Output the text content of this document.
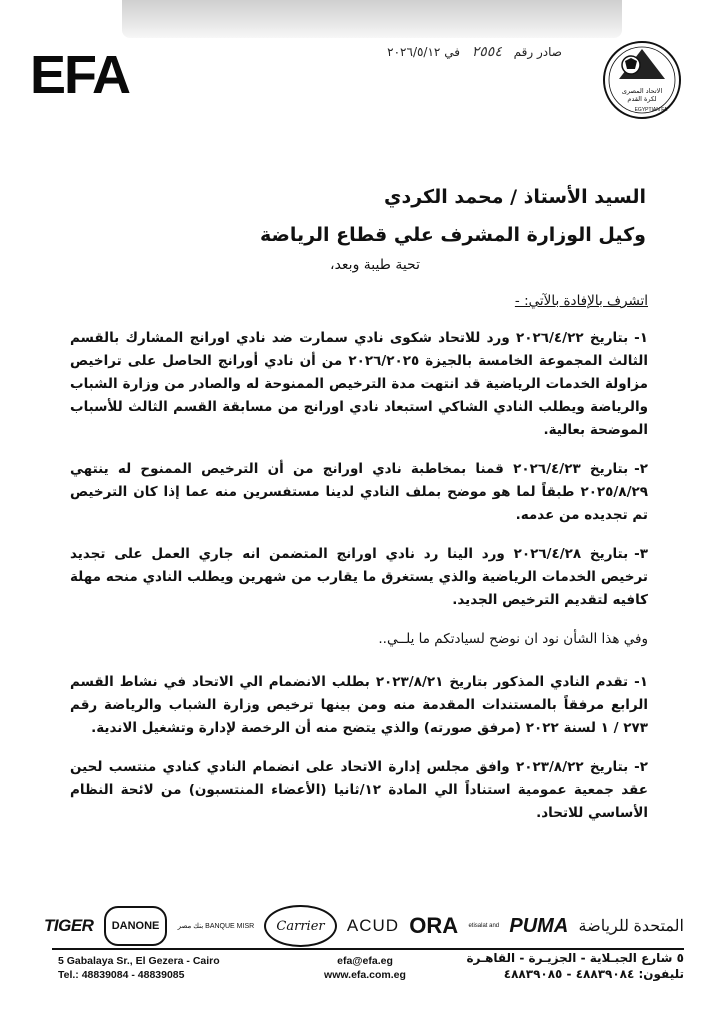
EFA	صادر رقم ٢٥٥٤ في ٢٠٢٦/٥/١٢
الاتحاد المصرى
لكرة القدم
EGYPTIAN FA
السيد الأستاذ / محمد الكردي
وكيل الوزارة المشرف علي قطاع الرياضة
تحية طيبة وبعد،
اتشرف بالإفادة بالآتي: -
١-بتاريخ ٢٠٢٦/٤/٢٢ ورد للاتحاد شكوى نادي سمارت ضد نادي اورانج المشارك بالقسم الثالث المجموعة الخامسة بالجيزة ٢٠٢٦/٢٠٢٥ من أن نادي أورانج الحاصل على تراخيص مزاولة الخدمات الرياضية قد انتهت مدة الترخيص الممنوحة له والصادر من وزارة الشباب والرياضة ويطلب النادي الشاكي استبعاد نادي اورانج من مسابقة القسم الثالث للأسباب الموضحة بعالية.
٢-بتاريخ ٢٠٢٦/٤/٢٣ قمنا بمخاطبة نادي اورانج من أن الترخيص الممنوح له ينتهي ٢٠٢٥/٨/٢٩ طبقاً لما هو موضح بملف النادي لدينا مستفسرين منه عما إذا كان الترخيص تم تجديده من عدمه.
٣-بتاريخ ٢٠٢٦/٤/٢٨ ورد الينا رد نادي اورانج المتضمن انه جاري العمل على تجديد ترخيص الخدمات الرياضية والذي يستغرق ما يقارب من شهرين ويطلب النادي منحه مهلة كافيه لتقديم الترخيص الجديد.
وفي هذا الشأن نود ان نوضح لسيادتكم ما يلــي..
١-تقدم النادي المذكور بتاريخ ٢٠٢٣/٨/٢١ بطلب الانضمام الي الاتحاد في نشاط القسم الرابع مرفقاً بالمستندات المقدمة منه ومن بينها ترخيص وزارة الشباب والرياضة رقم ٢٧٣ / ١ لسنة ٢٠٢٢ (مرفق صورته) والذي يتضح منه أن الرخصة لإدارة وتشغيل الاندية.
٢-بتاريخ ٢٠٢٣/٨/٢٢ وافق مجلس إدارة الاتحاد على انضمام النادي كنادي منتسب لحين عقد جمعية عمومية استناداً الي المادة ١٢/ثانيا (الأعضاء المنتسبون) من لائحة النظام الأساسي للاتحاد.
TIGER	DANONE	بنك مصر BANQUE MISR	Carrier	ACUD ORA etisalat and PUMA المتحدة للرياضة
5 Gabalaya Sr., El Gezera - Cairo
Tel.: 48839084 - 48839085
efa@efa.eg
www.efa.com.eg
٥ شارع الجبـلاية - الجزيـرة - القاهـرة
تليفون: ٤٨٨٣٩٠٨٤ - ٤٨٨٣٩٠٨٥
